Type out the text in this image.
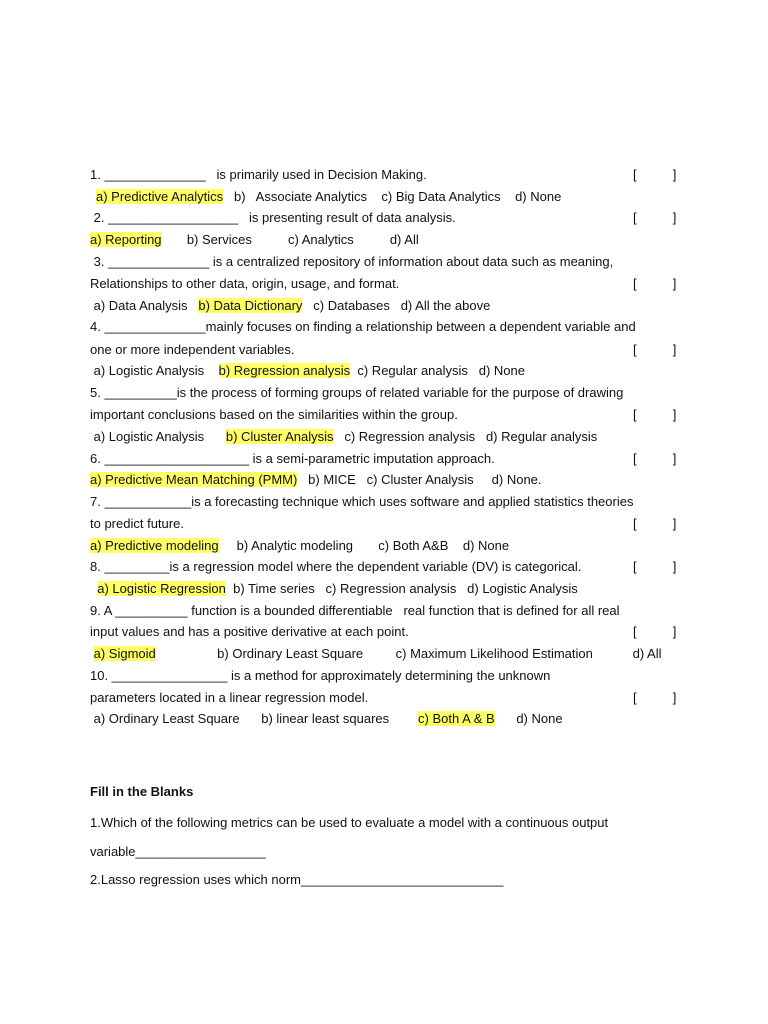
1. ______________   is primarily used in Decision Making.	[          ]
a) Predictive Analytics   b)   Associate Analytics    c) Big Data Analytics    d) None
2. __________________   is presenting result of data analysis.	[          ]
a) Reporting       b) Services          c) Analytics          d) All
3. ______________ is a centralized repository of information about data such as meaning,
Relationships to other data, origin, usage, and format.	[          ]
a) Data Analysis   b) Data Dictionary   c) Databases   d) All the above
4. ______________mainly focuses on finding a relationship between a dependent variable and
one or more independent variables.	[          ]
a) Logistic Analysis    b) Regression analysis  c) Regular analysis   d) None
5. __________is the process of forming groups of related variable for the purpose of drawing
important conclusions based on the similarities within the group.	[          ]
a) Logistic Analysis      b) Cluster Analysis   c) Regression analysis   d) Regular analysis
6. ____________________ is a semi-parametric imputation approach.	[          ]
a) Predictive Mean Matching (PMM)   b) MICE   c) Cluster Analysis     d) None.
7. ____________is a forecasting technique which uses software and applied statistics theories
to predict future.	[          ]
a) Predictive modeling     b) Analytic modeling       c) Both A&B    d) None
8. _________is a regression model where the dependent variable (DV) is categorical.	[          ]
a) Logistic Regression  b) Time series   c) Regression analysis   d) Logistic Analysis
9. A __________ function is a bounded differentiable   real function that is defined for all real
input values and has a positive derivative at each point.	[          ]
a) Sigmoid                 b) Ordinary Least Square         c) Maximum Likelihood Estimation           d) All
10. ________________ is a method for approximately determining the unknown
parameters located in a linear regression model.	[          ]
a) Ordinary Least Square      b) linear least squares        c) Both A & B      d) None
Fill in the Blanks
1.Which of the following metrics can be used to evaluate a model with a continuous output
variable__________________
2.Lasso regression uses which norm____________________________
